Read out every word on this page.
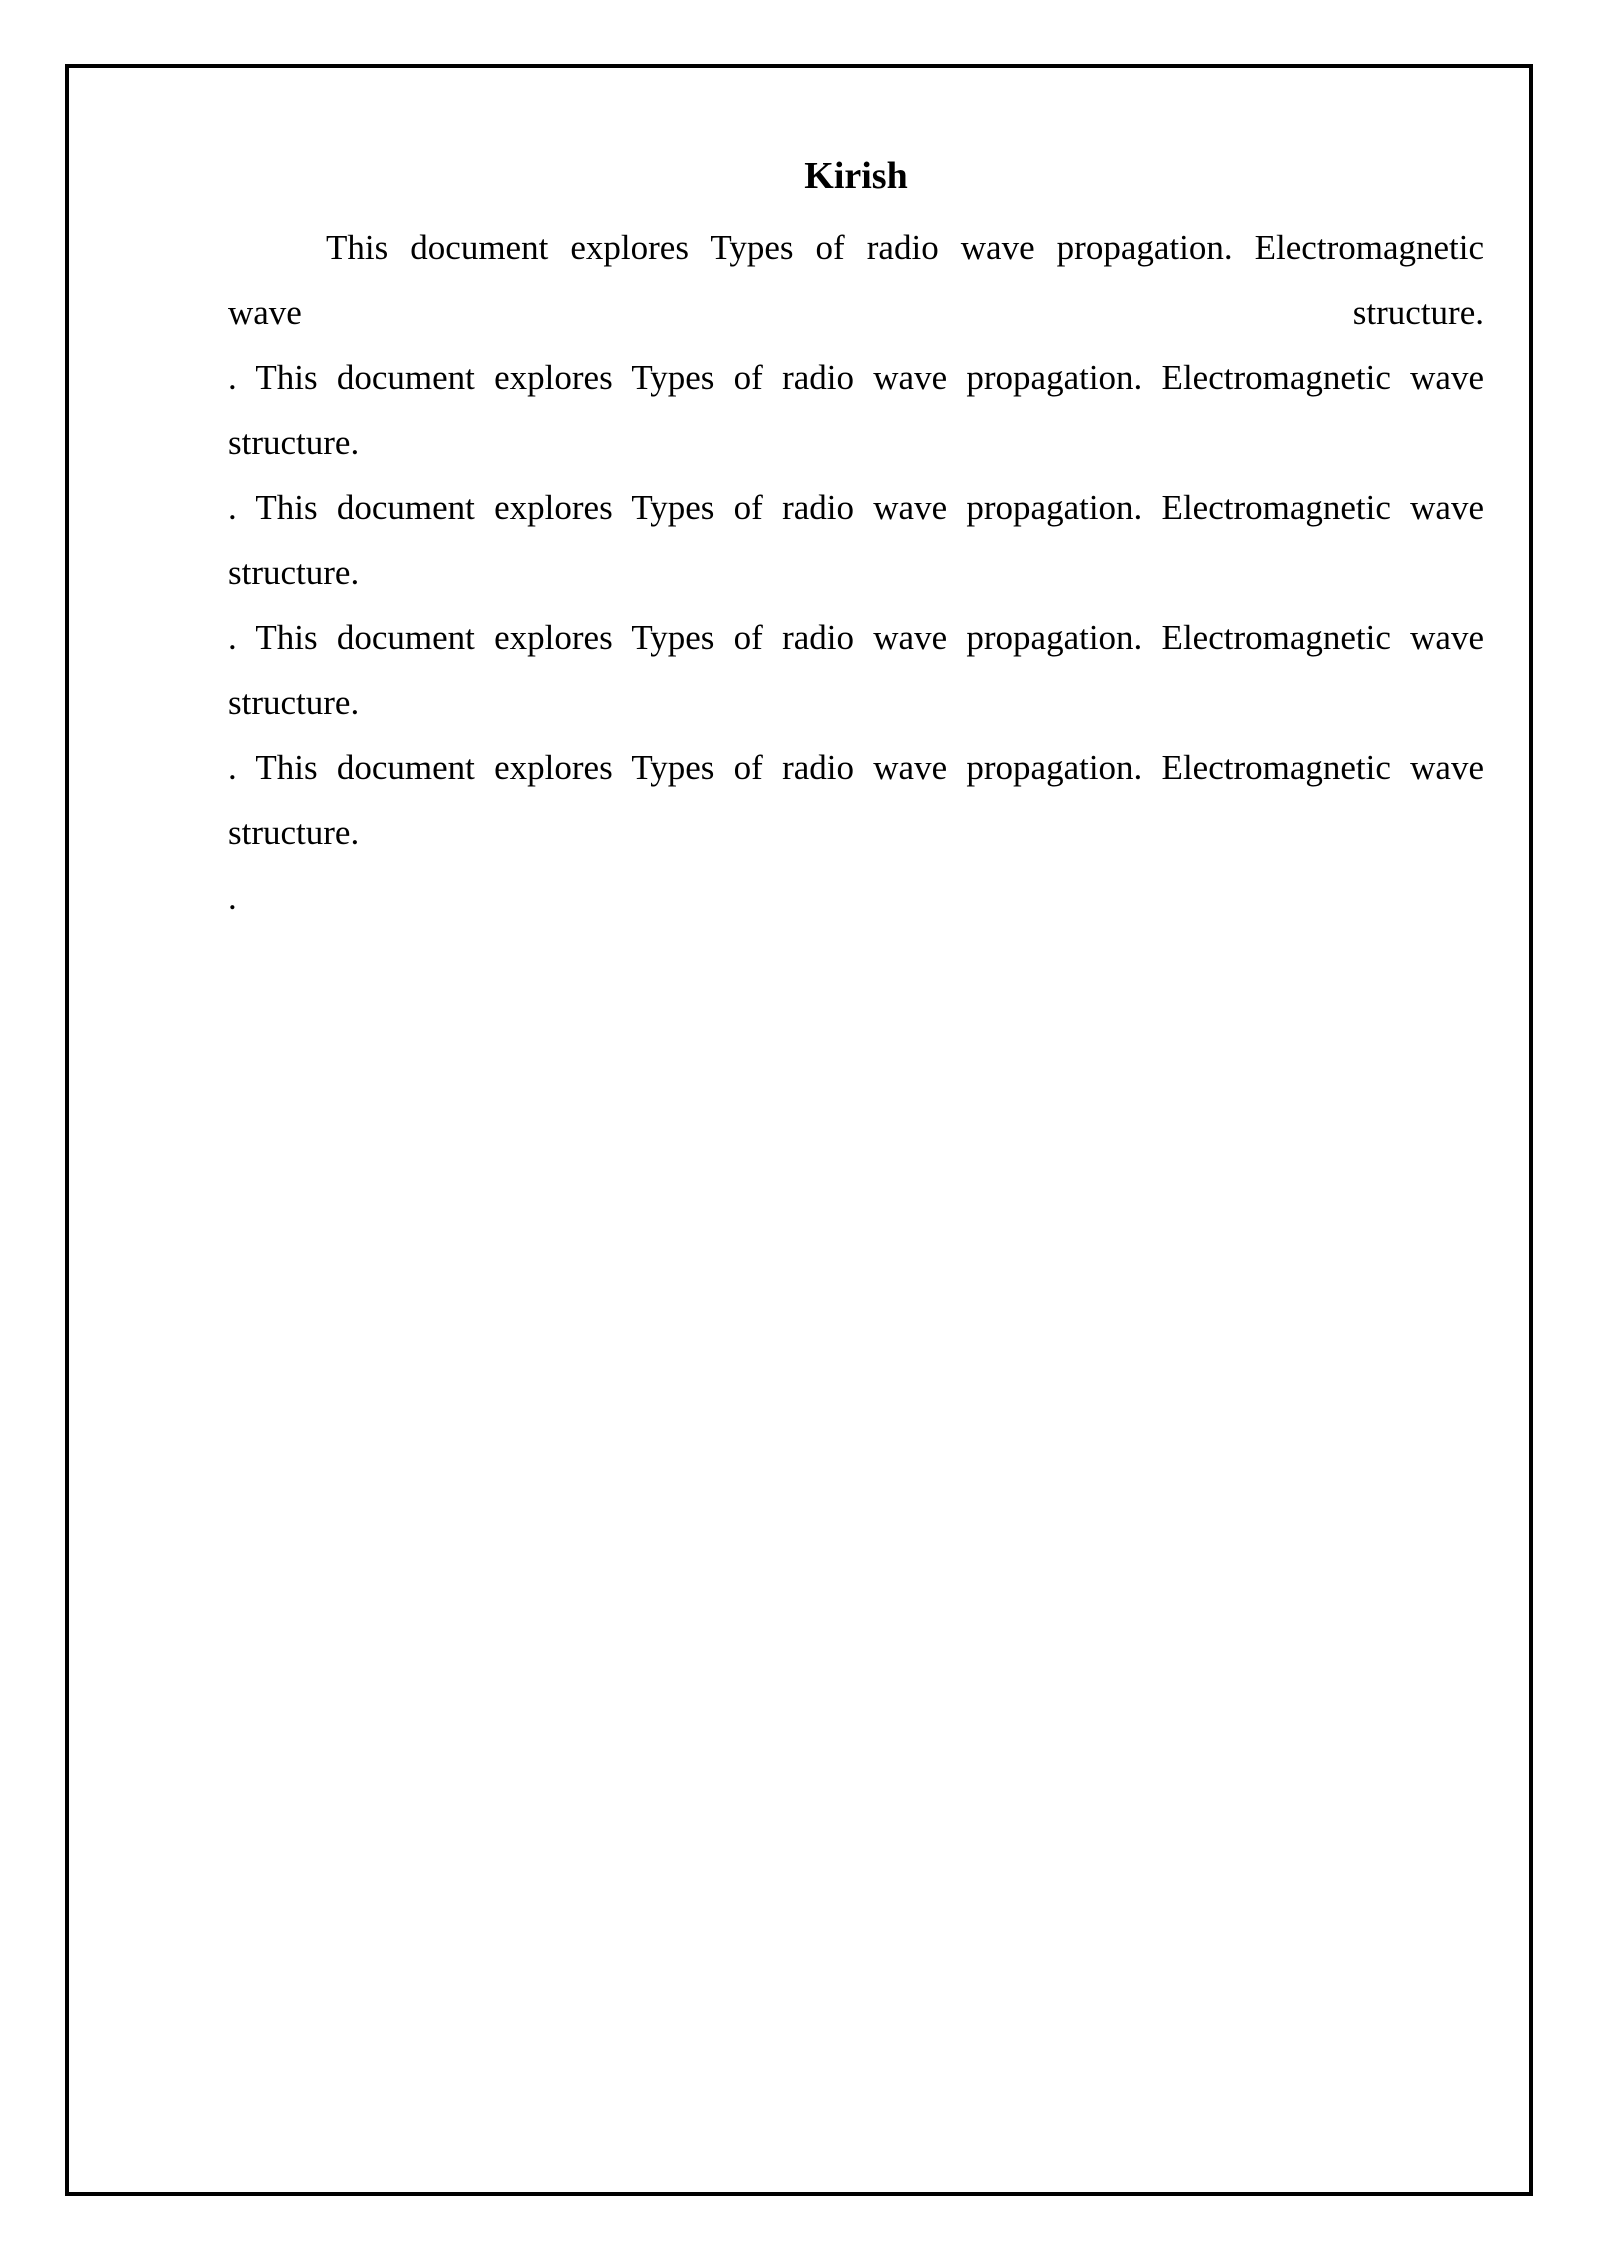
Kirish
This document explores Types of radio wave propagation. Electromagnetic
wave	structure.
. This document explores Types of radio wave propagation. Electromagnetic wave
structure.
. This document explores Types of radio wave propagation. Electromagnetic wave
structure.
. This document explores Types of radio wave propagation. Electromagnetic wave
structure.
. This document explores Types of radio wave propagation. Electromagnetic wave
structure.
.
